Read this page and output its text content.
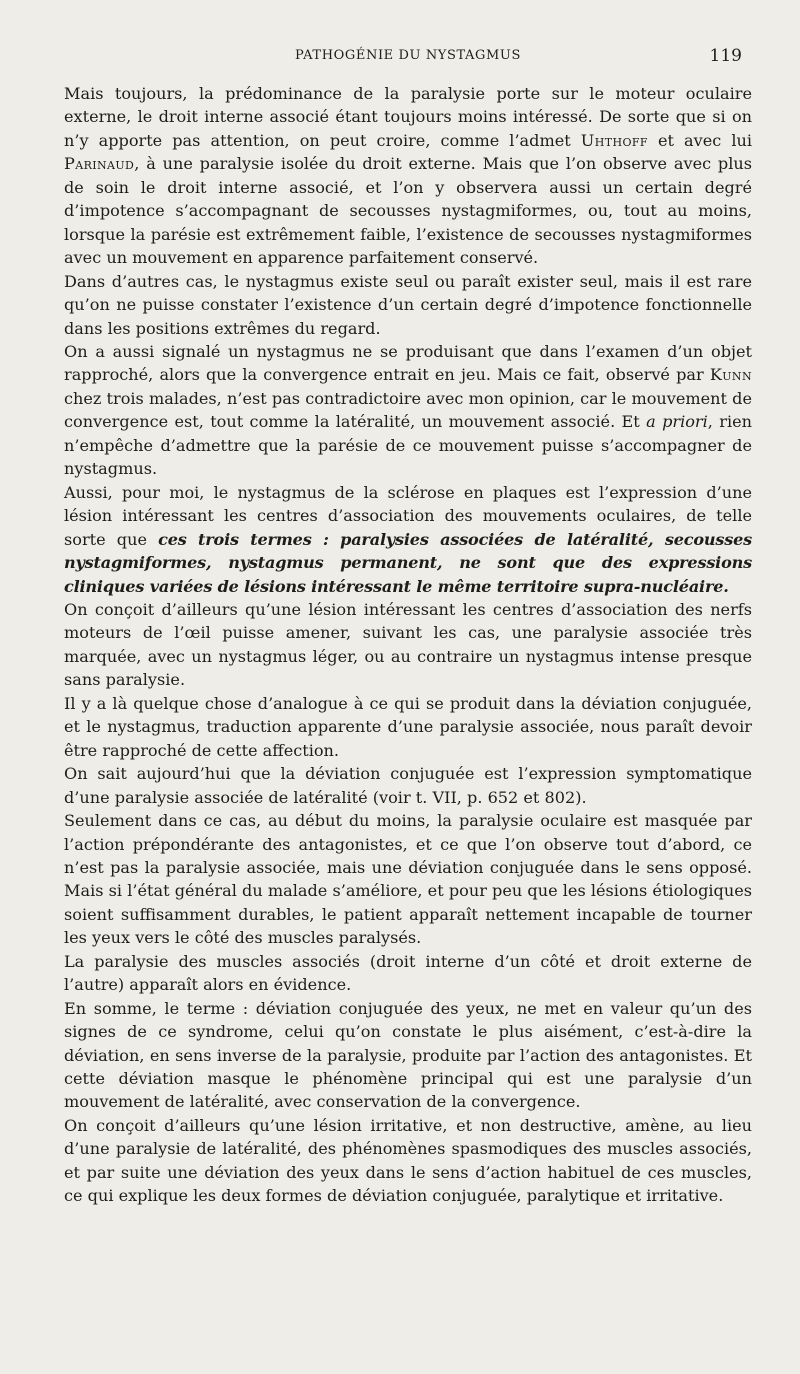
PATHOGÉNIE DU NYSTAGMUS	119

Mais toujours, la prédominance de la paralysie porte sur le moteur oculaire externe, le droit interne associé étant toujours moins intéressé. De sorte que si on n’y apporte pas attention, on peut croire, comme l’admet Uhthoff et avec lui Parinaud, à une paralysie isolée du droit externe. Mais que l’on observe avec plus de soin le droit interne associé, et l’on y observera aussi un certain degré d’impotence s’accompagnant de secousses nystagmiformes, ou, tout au moins, lorsque la parésie est extrêmement faible, l’existence de secousses nystagmiformes avec un mouvement en apparence parfaitement conservé.

Dans d’autres cas, le nystagmus existe seul ou paraît exister seul, mais il est rare qu’on ne puisse constater l’existence d’un certain degré d’impotence fonctionnelle dans les positions extrêmes du regard.

On a aussi signalé un nystagmus ne se produisant que dans l’examen d’un objet rapproché, alors que la convergence entrait en jeu. Mais ce fait, observé par Kunn chez trois malades, n’est pas contradictoire avec mon opinion, car le mouvement de convergence est, tout comme la latéralité, un mouvement associé. Et a priori, rien n’empêche d’admettre que la parésie de ce mouvement puisse s’accompagner de nystagmus.

Aussi, pour moi, le nystagmus de la sclérose en plaques est l’expression d’une lésion intéressant les centres d’association des mouvements oculaires, de telle sorte que ces trois termes : paralysies associées de latéralité, secousses nystagmiformes, nystagmus permanent, ne sont que des expressions cliniques variées de lésions intéressant le même territoire supra-nucléaire.

On conçoit d’ailleurs qu’une lésion intéressant les centres d’association des nerfs moteurs de l’œil puisse amener, suivant les cas, une paralysie associée très marquée, avec un nystagmus léger, ou au contraire un nystagmus intense presque sans paralysie.

Il y a là quelque chose d’analogue à ce qui se produit dans la déviation conjuguée, et le nystagmus, traduction apparente d’une paralysie associée, nous paraît devoir être rapproché de cette affection.

On sait aujourd’hui que la déviation conjuguée est l’expression symptomatique d’une paralysie associée de latéralité (voir t. VII, p. 652 et 802).

Seulement dans ce cas, au début du moins, la paralysie oculaire est masquée par l’action prépondérante des antagonistes, et ce que l’on observe tout d’abord, ce n’est pas la paralysie associée, mais une déviation conjuguée dans le sens opposé. Mais si l’état général du malade s’améliore, et pour peu que les lésions étiologiques soient suffisamment durables, le patient apparaît nettement incapable de tourner les yeux vers le côté des muscles paralysés.

La paralysie des muscles associés (droit interne d’un côté et droit externe de l’autre) apparaît alors en évidence.

En somme, le terme : déviation conjuguée des yeux, ne met en valeur qu’un des signes de ce syndrome, celui qu’on constate le plus aisément, c’est-à-dire la déviation, en sens inverse de la paralysie, produite par l’action des antagonistes. Et cette déviation masque le phénomène principal qui est une paralysie d’un mouvement de latéralité, avec conservation de la convergence.

On conçoit d’ailleurs qu’une lésion irritative, et non destructive, amène, au lieu d’une paralysie de latéralité, des phénomènes spasmodiques des muscles associés, et par suite une déviation des yeux dans le sens d’action habituel de ces muscles, ce qui explique les deux formes de déviation conjuguée, paralytique et irritative.
